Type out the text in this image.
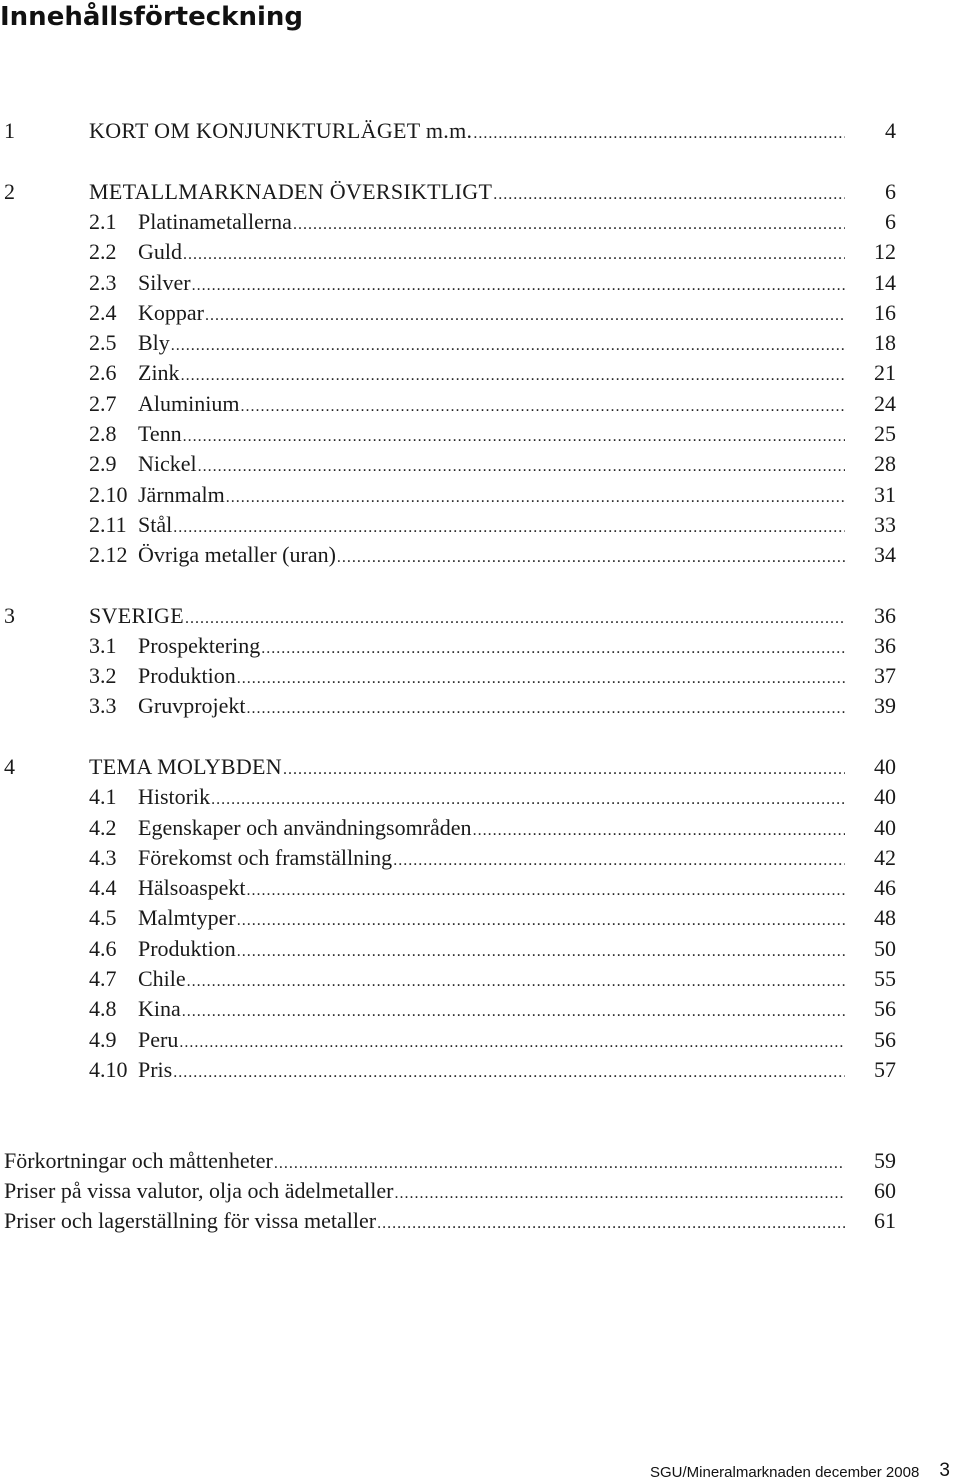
Innehållsförteckning
1	KORT OM KONJUNKTURLÄGET m.m. .....	4
2	METALLMARKNADEN ÖVERSIKTLIGT .....	6
2.1 Platinametallerna .....	6
2.2 Guld .....	12
2.3 Silver .....	14
2.4 Koppar .....	16
2.5 Bly .....	18
2.6 Zink .....	21
2.7 Aluminium .....	24
2.8 Tenn .....	25
2.9 Nickel .....	28
2.10 Järnmalm .....	31
2.11 Stål .....	33
2.12 Övriga metaller (uran) .....	34
3	SVERIGE .....	36
3.1 Prospektering .....	36
3.2 Produktion .....	37
3.3 Gruvprojekt .....	39
4	TEMA MOLYBDEN .....	40
4.1 Historik .....	40
4.2 Egenskaper och användningsområden .....	40
4.3 Förekomst och framställning .....	42
4.4 Hälsoaspekt .....	46
4.5 Malmtyper .....	48
4.6 Produktion .....	50
4.7 Chile .....	55
4.8 Kina .....	56
4.9 Peru .....	56
4.10 Pris .....	57
Förkortningar och måttenheter .....	59
Priser på vissa valutor, olja och ädelmetaller .....	60
Priser och lagerställning för vissa metaller .....	61
SGU/Mineralmarknaden december 2008 3
